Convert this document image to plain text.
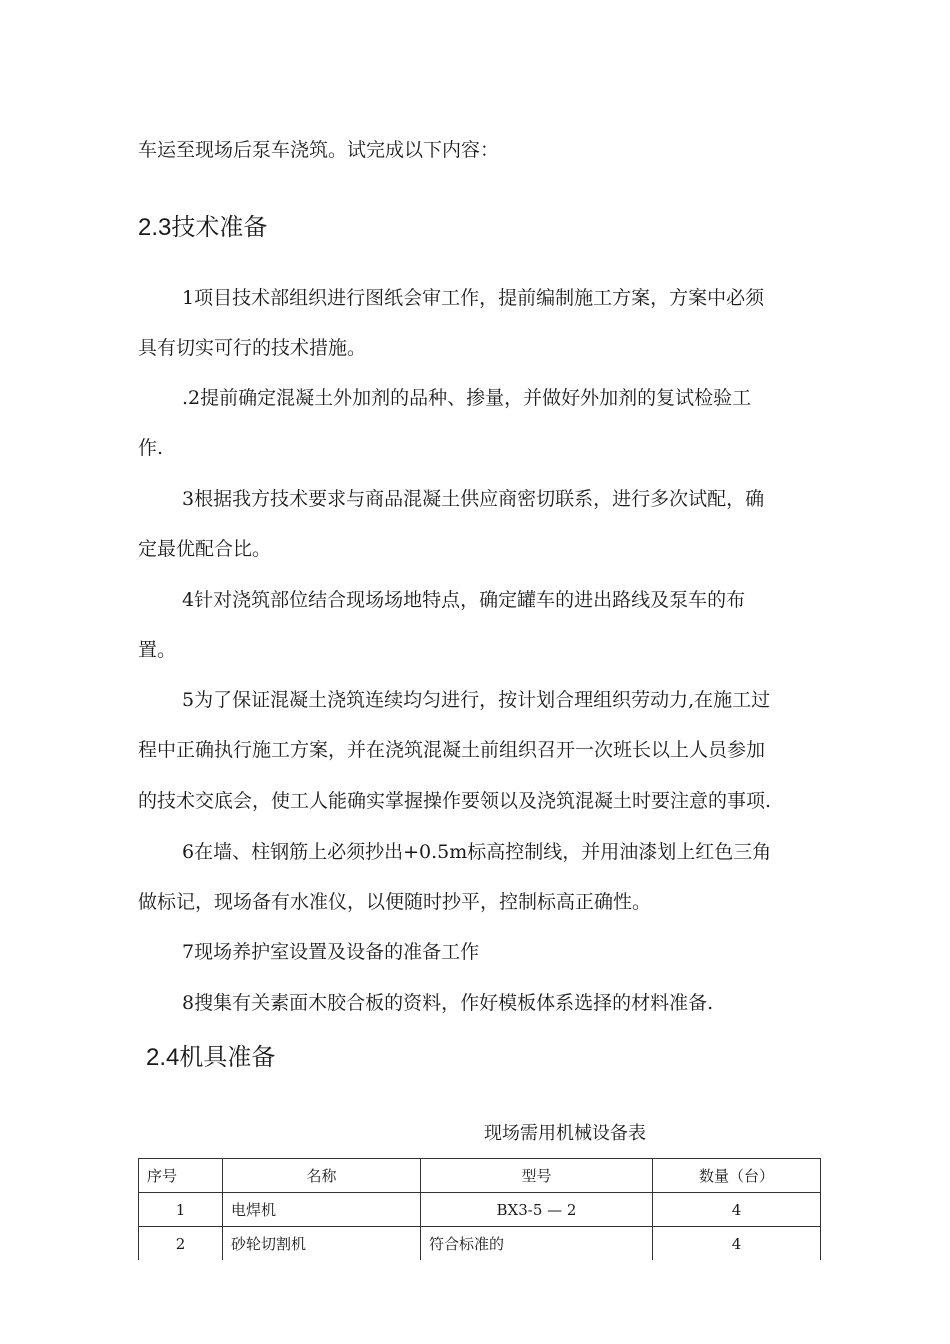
车运至现场后泵车浇筑。试完成以下内容：
2.3技术准备
1项目技术部组织进行图纸会审工作，提前编制施工方案，方案中必须
具有切实可行的技术措施。
.2提前确定混凝土外加剂的品种、掺量，并做好外加剂的复试检验工
作.
3根据我方技术要求与商品混凝土供应商密切联系，进行多次试配，确
定最优配合比。
4针对浇筑部位结合现场场地特点，确定罐车的进出路线及泵车的布
置。
5为了保证混凝土浇筑连续均匀进行，按计划合理组织劳动力,在施工过
程中正确执行施工方案，并在浇筑混凝土前组织召开一次班长以上人员参加
的技术交底会，使工人能确实掌握操作要领以及浇筑混凝土时要注意的事项.
6在墙、柱钢筋上必须抄出+0.5m标高控制线，并用油漆划上红色三角
做标记，现场备有水准仪，以便随时抄平，控制标高正确性。
7现场养护室设置及设备的准备工作
8搜集有关素面木胶合板的资料，作好模板体系选择的材料准备.
2.4机具准备
现场需用机械设备表
序号	名称	型号	数量（台）
1	电焊机	BX3-5 — 2	4
2	砂轮切割机	符合标准的	4
